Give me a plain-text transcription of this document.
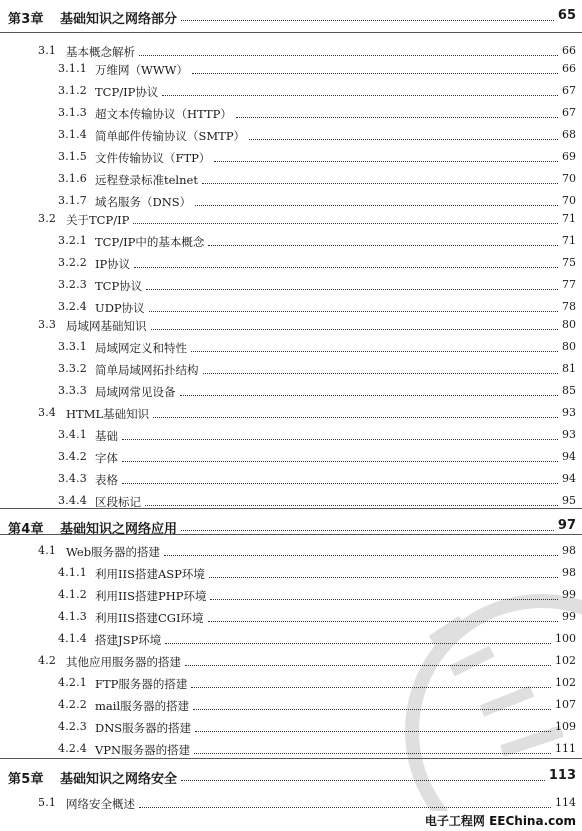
第3章 基础知识之网络部分	65
3.1 基本概念解析	66
3.1.1 万维网（WWW）	66
3.1.2 TCP/IP协议	67
3.1.3 超文本传输协议（HTTP）	67
3.1.4 简单邮件传输协议（SMTP）	68
3.1.5 文件传输协议（FTP）	69
3.1.6 远程登录标准telnet	70
3.1.7 域名服务（DNS）	70
3.2 关于TCP/IP	71
3.2.1 TCP/IP中的基本概念	71
3.2.2 IP协议	75
3.2.3 TCP协议	77
3.2.4 UDP协议	78
3.3 局域网基础知识	80
3.3.1 局域网定义和特性	80
3.3.2 简单局域网拓扑结构	81
3.3.3 局域网常见设备	85
3.4 HTML基础知识	93
3.4.1 基础	93
3.4.2 字体	94
3.4.3 表格	94
3.4.4 区段标记	95
第4章 基础知识之网络应用	97
4.1 Web服务器的搭建	98
4.1.1 利用IIS搭建ASP环境	98
4.1.2 利用IIS搭建PHP环境	99
4.1.3 利用IIS搭建CGI环境	99
4.1.4 搭建JSP环境	100
4.2 其他应用服务器的搭建	102
4.2.1 FTP服务器的搭建	102
4.2.2 mail服务器的搭建	107
4.2.3 DNS服务器的搭建	109
4.2.4 VPN服务器的搭建	111
第5章 基础知识之网络安全	113
5.1 网络安全概述	114
电子工程网 EEChina.com
